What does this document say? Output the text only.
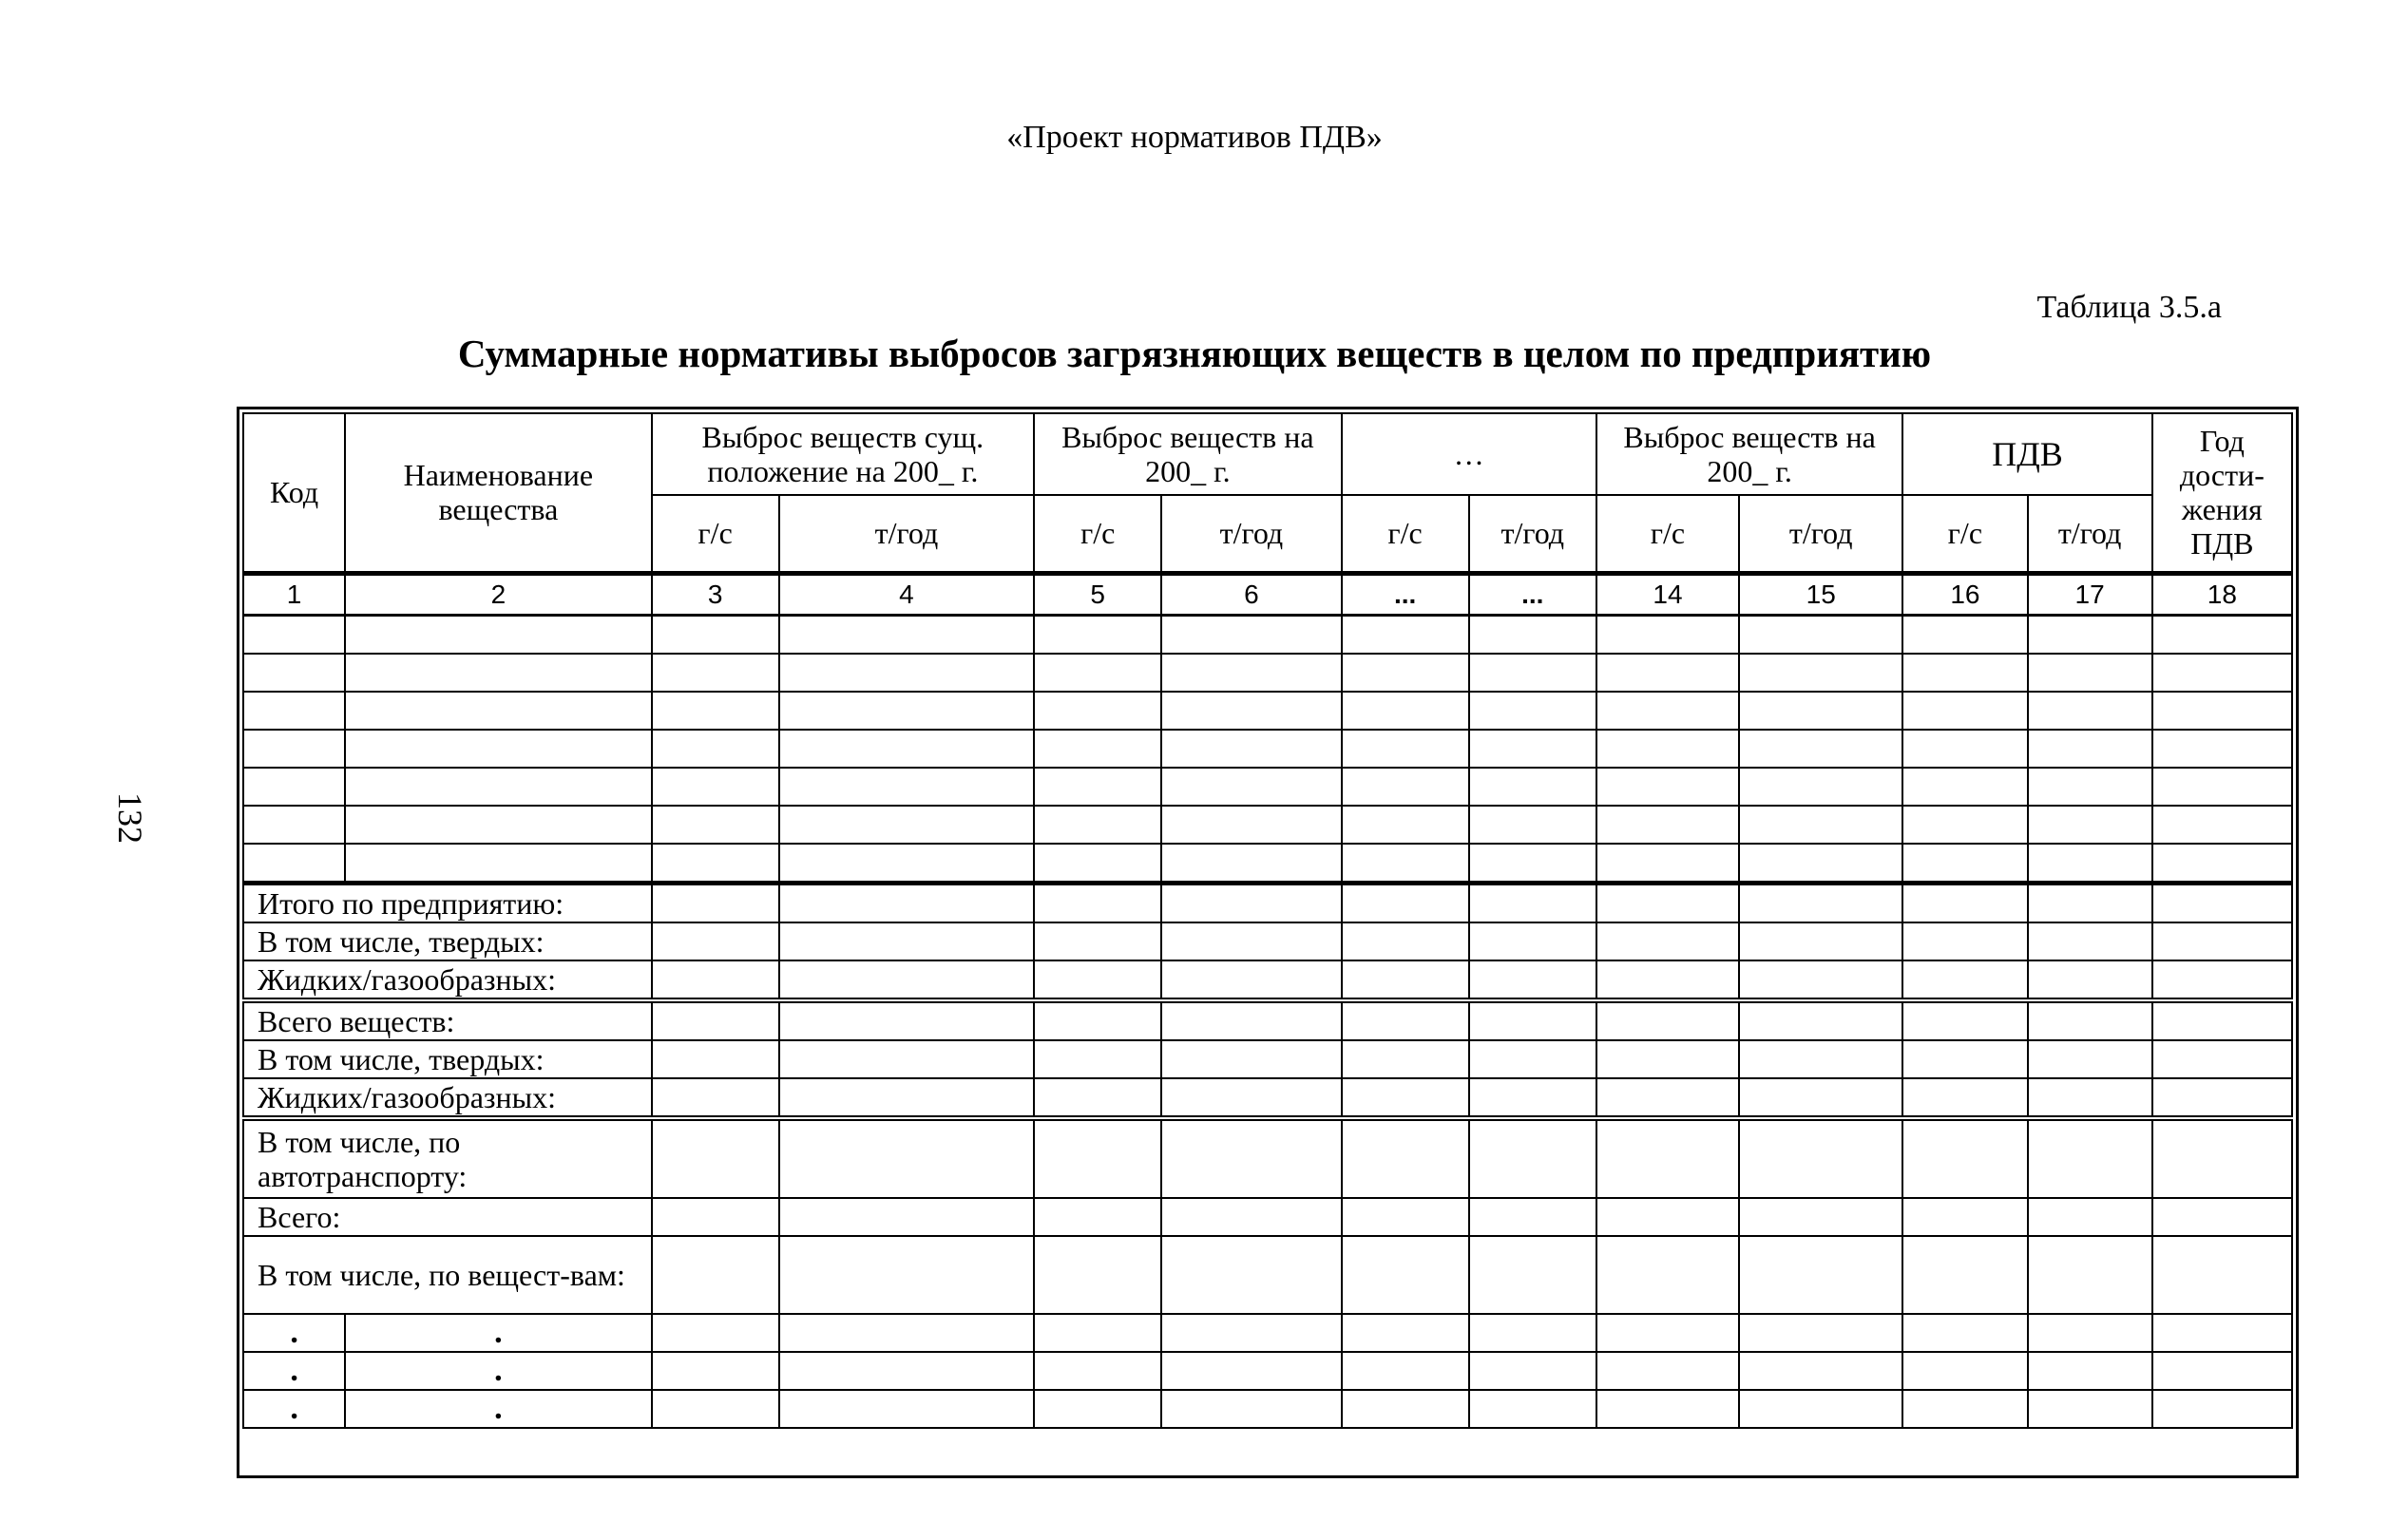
«Проект нормативов ПДВ»
Таблица 3.5.а
Суммарные нормативы выбросов загрязняющих веществ в целом по предприятию
132
Код	Наименование вещества	Выброс веществ сущ. положение на 200_ г.		Выброс веществ на 200_ г.		…		Выброс веществ на 200_ г.		ПДВ		Год дости-жения ПДВ
		г/с	т/год	г/с	т/год	г/с	т/год	г/с	т/год	г/с	т/год	
1	2	3	4	5	6	...	...	14	15	16	17	18

Итого по предприятию:												
В том числе, твердых:												
Жидких/газообразных:												
Всего веществ:												
В том числе, твердых:												
Жидких/газообразных:												
В том числе, по автотранспорту:												
Всего:												
В том числе, по вещест-вам:												
.	.											
.	.											
.	.											
